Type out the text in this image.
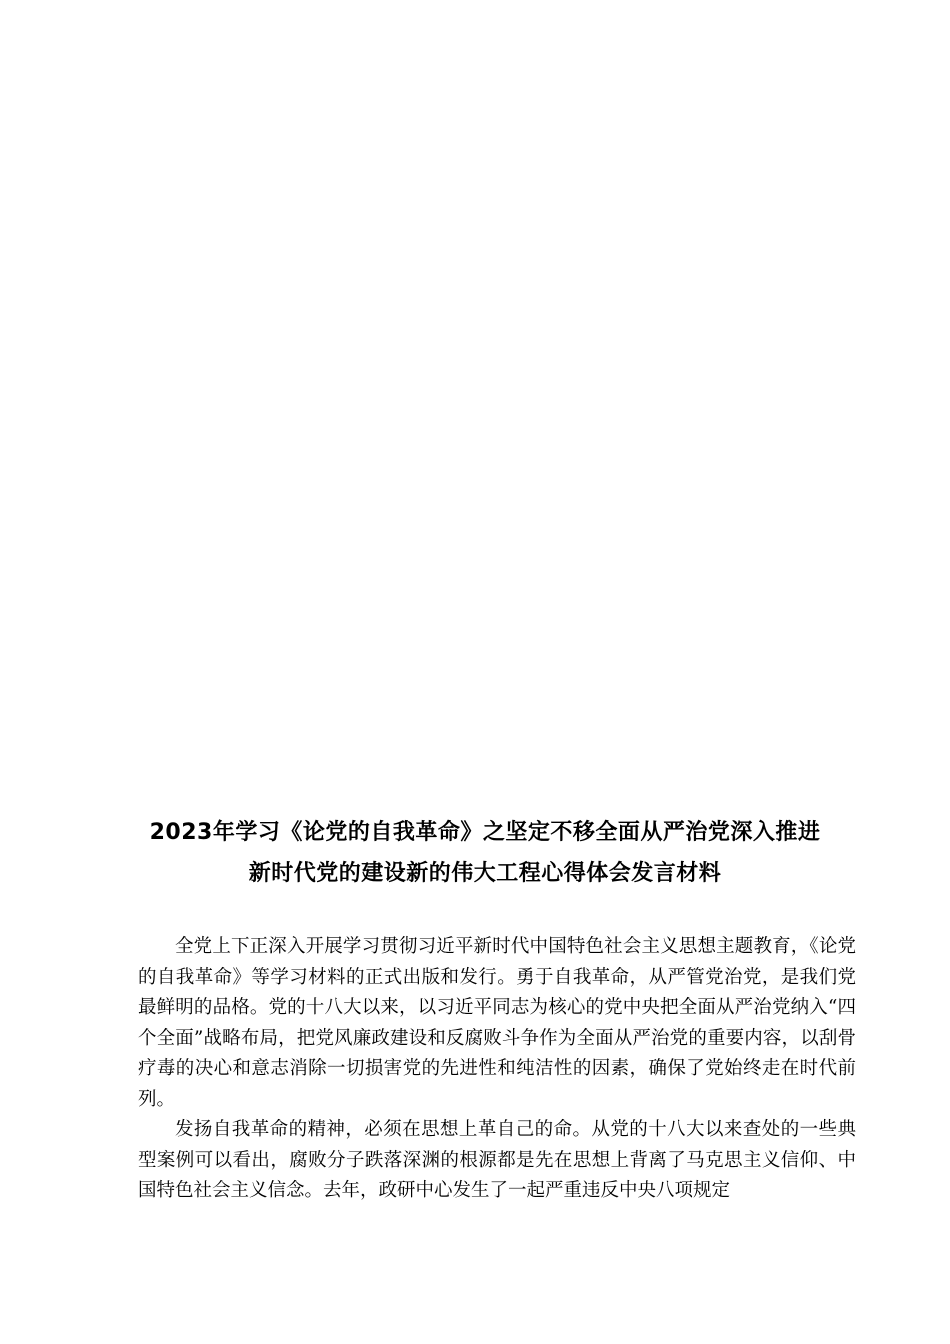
2023年学习《论党的自我革命》之坚定不移全面从严治党深入推进
新时代党的建设新的伟大工程心得体会发言材料

全党上下正深入开展学习贯彻习近平新时代中国特色社会主义思想主题教育，《论党的自我革命》等学习材料的正式出版和发行。勇于自我革命，从严管党治党，是我们党最鲜明的品格。党的十八大以来，以习近平同志为核心的党中央把全面从严治党纳入“四个全面”战略布局，把党风廉政建设和反腐败斗争作为全面从严治党的重要内容，以刮骨疗毒的决心和意志消除一切损害党的先进性和纯洁性的因素，确保了党始终走在时代前列。

发扬自我革命的精神，必须在思想上革自己的命。从党的十八大以来查处的一些典型案例可以看出，腐败分子跌落深渊的根源都是先在思想上背离了马克思主义信仰、中国特色社会主义信念。去年，政研中心发生了一起严重违反中央八项规定
